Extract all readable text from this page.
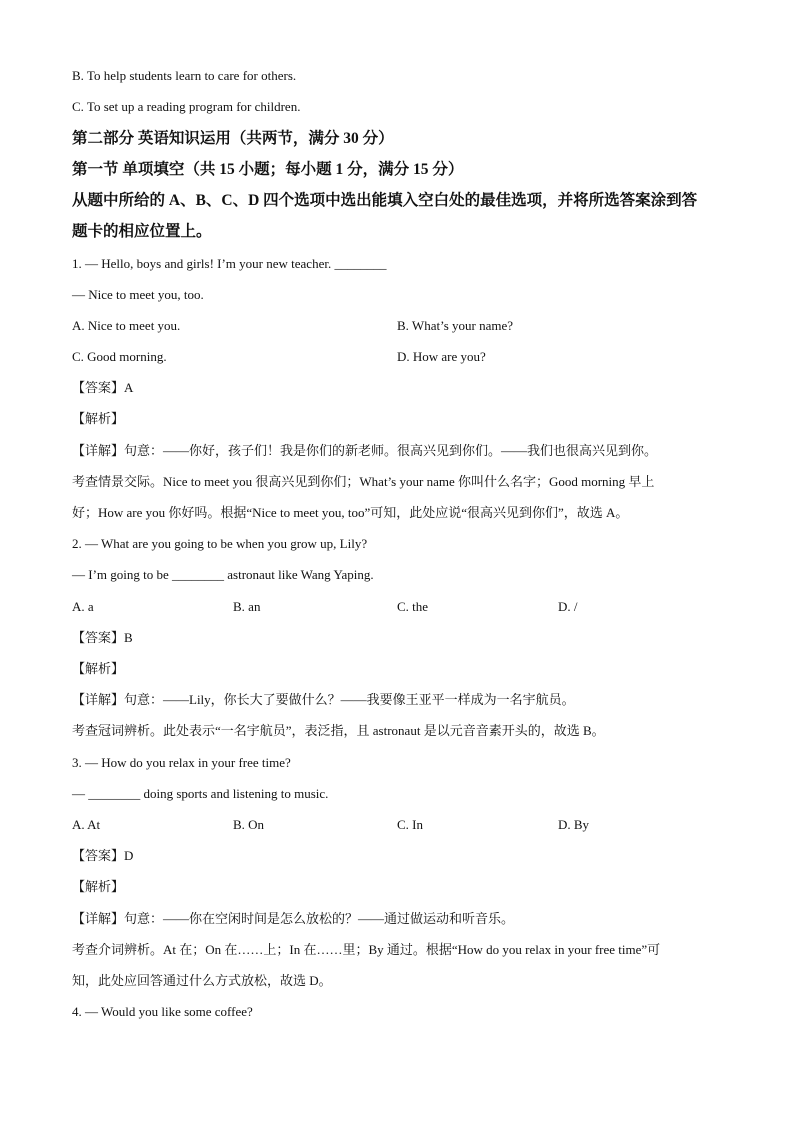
B. To help students learn to care for others.
C. To set up a reading program for children.
第二部分 英语知识运用（共两节，满分 30 分）
第一节 单项填空（共 15 小题；每小题 1 分，满分 15 分）
从题中所给的 A、B、C、D 四个选项中选出能填入空白处的最佳选项，并将所选答案涂到答
题卡的相应位置上。
1. — Hello, boys and girls! I’m your new teacher. ________
— Nice to meet you, too.
A. Nice to meet you.	B. What’s your name?
C. Good morning.	D. How are you?
【答案】A
【解析】
【详解】句意：——你好，孩子们！我是你们的新老师。很高兴见到你们。——我们也很高兴见到你。
考查情景交际。Nice to meet you 很高兴见到你们；What’s your name 你叫什么名字；Good morning 早上
好；How are you 你好吗。根据“Nice to meet you, too”可知，此处应说“很高兴见到你们”，故选 A。
2. — What are you going to be when you grow up, Lily?
— I’m going to be ________ astronaut like Wang Yaping.
A. a	B. an	C. the	D. /
【答案】B
【解析】
【详解】句意：——Lily，你长大了要做什么？——我要像王亚平一样成为一名宇航员。
考查冠词辨析。此处表示“一名宇航员”，表泛指，且 astronaut 是以元音音素开头的，故选 B。
3. — How do you relax in your free time?
— ________ doing sports and listening to music.
A. At	B. On	C. In	D. By
【答案】D
【解析】
【详解】句意：——你在空闲时间是怎么放松的？——通过做运动和听音乐。
考查介词辨析。At 在；On 在……上；In 在……里；By 通过。根据“How do you relax in your free time”可
知，此处应回答通过什么方式放松，故选 D。
4. — Would you like some coffee?
